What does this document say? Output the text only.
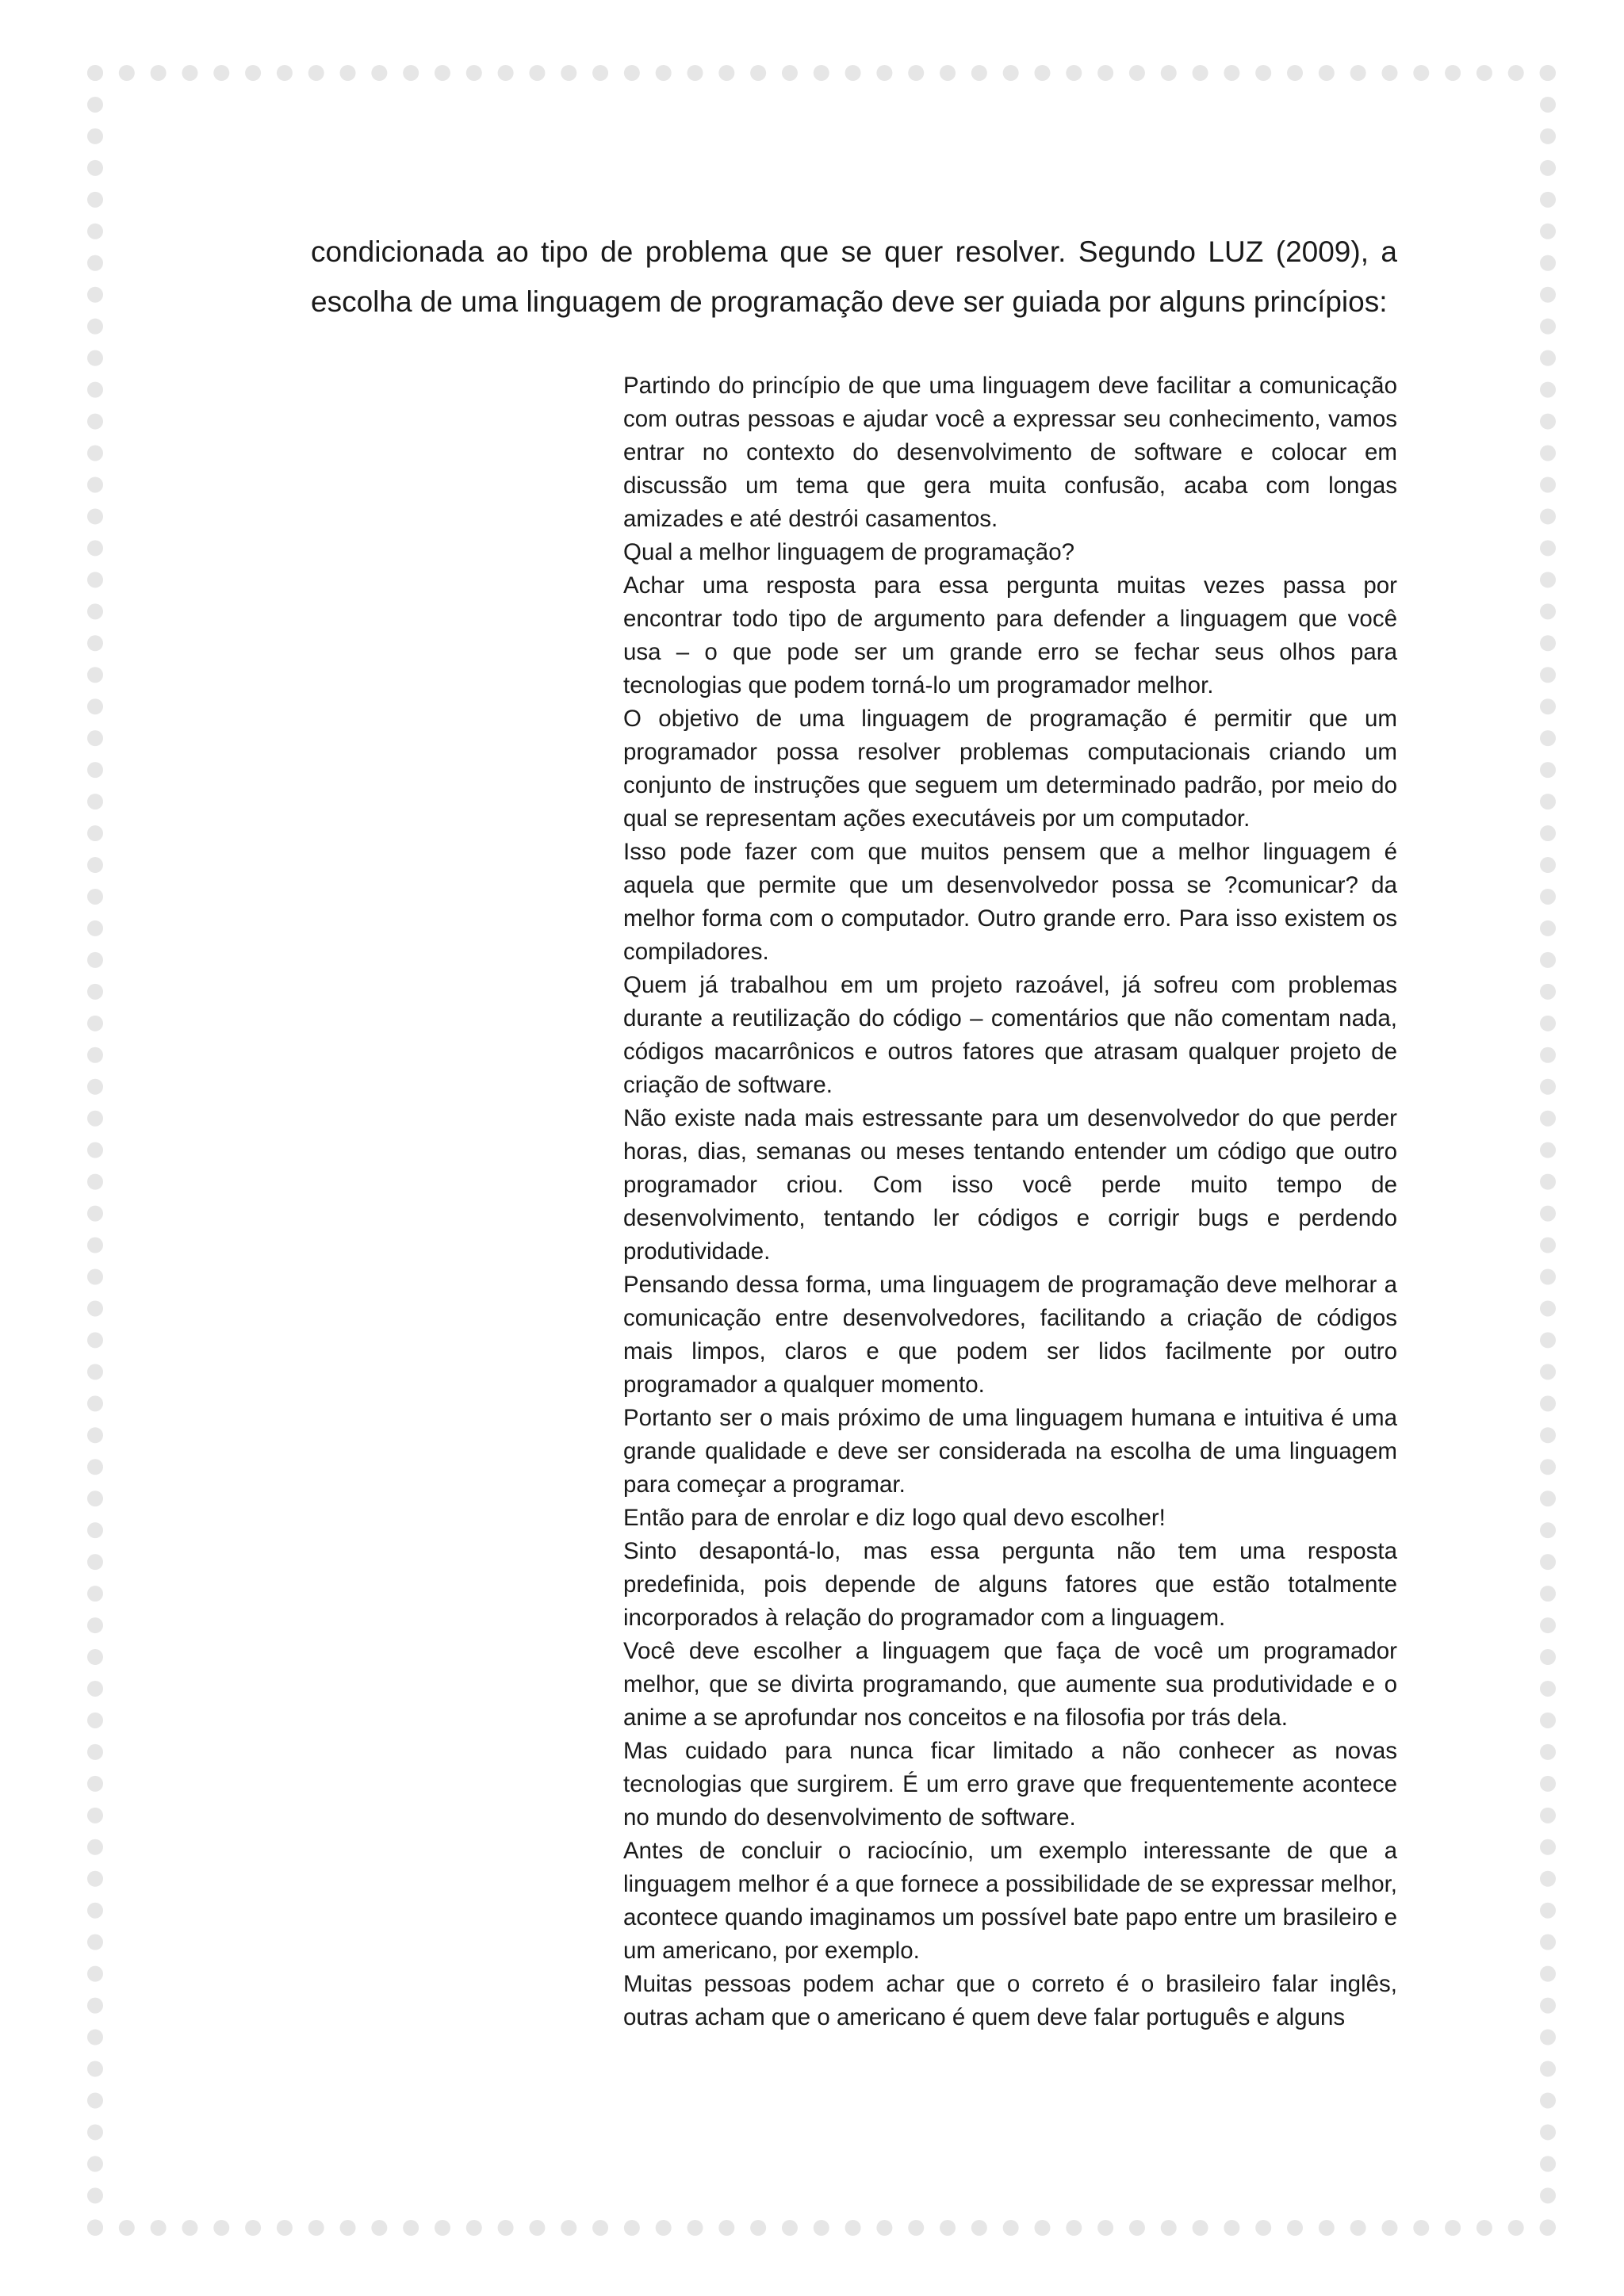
condicionada ao tipo de problema que se quer resolver. Segundo LUZ (2009), a escolha de uma linguagem de programação deve ser guiada por alguns princípios:

Partindo do princípio de que uma linguagem deve facilitar a comunicação com outras pessoas e ajudar você a expressar seu conhecimento, vamos entrar no contexto do desenvolvimento de software e colocar em discussão um tema que gera muita confusão, acaba com longas amizades e até destrói casamentos.

Qual a melhor linguagem de programação?

Achar uma resposta para essa pergunta muitas vezes passa por encontrar todo tipo de argumento para defender a linguagem que você usa – o que pode ser um grande erro se fechar seus olhos para tecnologias que podem torná-lo um programador melhor.

O objetivo de uma linguagem de programação é permitir que um programador possa resolver problemas computacionais criando um conjunto de instruções que seguem um determinado padrão, por meio do qual se representam ações executáveis por um computador.

Isso pode fazer com que muitos pensem que a melhor linguagem é aquela que permite que um desenvolvedor possa se ?comunicar? da melhor forma com o computador. Outro grande erro. Para isso existem os compiladores.

Quem já trabalhou em um projeto razoável, já sofreu com problemas durante a reutilização do código – comentários que não comentam nada, códigos macarrônicos e outros fatores que atrasam qualquer projeto de criação de software.

Não existe nada mais estressante para um desenvolvedor do que perder horas, dias, semanas ou meses tentando entender um código que outro programador criou. Com isso você perde muito tempo de desenvolvimento, tentando ler códigos e corrigir bugs e perdendo produtividade.

Pensando dessa forma, uma linguagem de programação deve melhorar a comunicação entre desenvolvedores, facilitando a criação de códigos mais limpos, claros e que podem ser lidos facilmente por outro programador a qualquer momento.

Portanto ser o mais próximo de uma linguagem humana e intuitiva é uma grande qualidade e deve ser considerada na escolha de uma linguagem para começar a programar.

Então para de enrolar e diz logo qual devo escolher!

Sinto desapontá-lo, mas essa pergunta não tem uma resposta predefinida, pois depende de alguns fatores que estão totalmente incorporados à relação do programador com a linguagem.

Você deve escolher a linguagem que faça de você um programador melhor, que se divirta programando, que aumente sua produtividade e o anime a se aprofundar nos conceitos e na filosofia por trás dela.

Mas cuidado para nunca ficar limitado a não conhecer as novas tecnologias que surgirem. É um erro grave que frequentemente acontece no mundo do desenvolvimento de software.

Antes de concluir o raciocínio, um exemplo interessante de que a linguagem melhor é a que fornece a possibilidade de se expressar melhor, acontece quando imaginamos um possível bate papo entre um brasileiro e um americano, por exemplo.

Muitas pessoas podem achar que o correto é o brasileiro falar inglês, outras acham que o americano é quem deve falar português e alguns
